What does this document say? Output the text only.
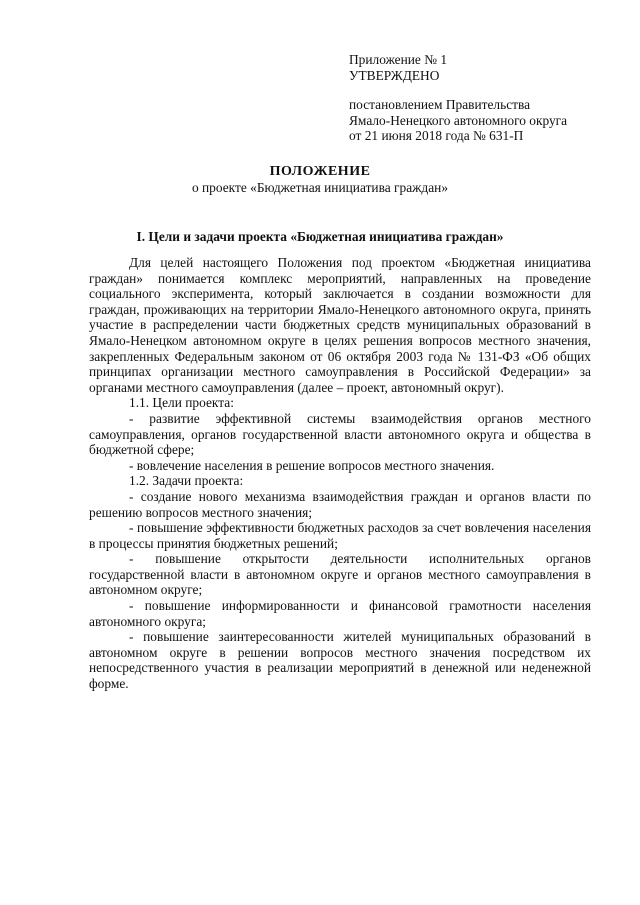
Приложение № 1
УТВЕРЖДЕНО
постановлением Правительства
Ямало-Ненецкого автономного округа
от 21 июня 2018 года № 631-П
ПОЛОЖЕНИЕ
о проекте «Бюджетная инициатива граждан»
I. Цели и задачи проекта «Бюджетная инициатива граждан»

Для целей настоящего Положения под проектом «Бюджетная инициатива граждан» понимается комплекс мероприятий, направленных на проведение социального эксперимента, который заключается в создании возможности для граждан, проживающих на территории Ямало-Ненецкого автономного округа, принять участие в распределении части бюджетных средств муниципальных образований в Ямало-Ненецком автономном округе в целях решения вопросов местного значения, закрепленных Федеральным законом от 06 октября 2003 года № 131-ФЗ «Об общих принципах организации местного самоуправления в Российской Федерации» за органами местного самоуправления (далее – проект, автономный округ).

1.1. Цели проекта:

- развитие эффективной системы взаимодействия органов местного самоуправления, органов государственной власти автономного округа и общества в бюджетной сфере;

- вовлечение населения в решение вопросов местного значения.

1.2. Задачи проекта:

- создание нового механизма взаимодействия граждан и органов власти по решению вопросов местного значения;

- повышение эффективности бюджетных расходов за счет вовлечения населения в процессы принятия бюджетных решений;

- повышение открытости деятельности исполнительных органов государственной власти в автономном округе и органов местного самоуправления в автономном округе;

- повышение информированности и финансовой грамотности населения автономного округа;

- повышение заинтересованности жителей муниципальных образований в автономном округе в решении вопросов местного значения посредством их непосредственного участия в реализации мероприятий в денежной или неденежной форме.
